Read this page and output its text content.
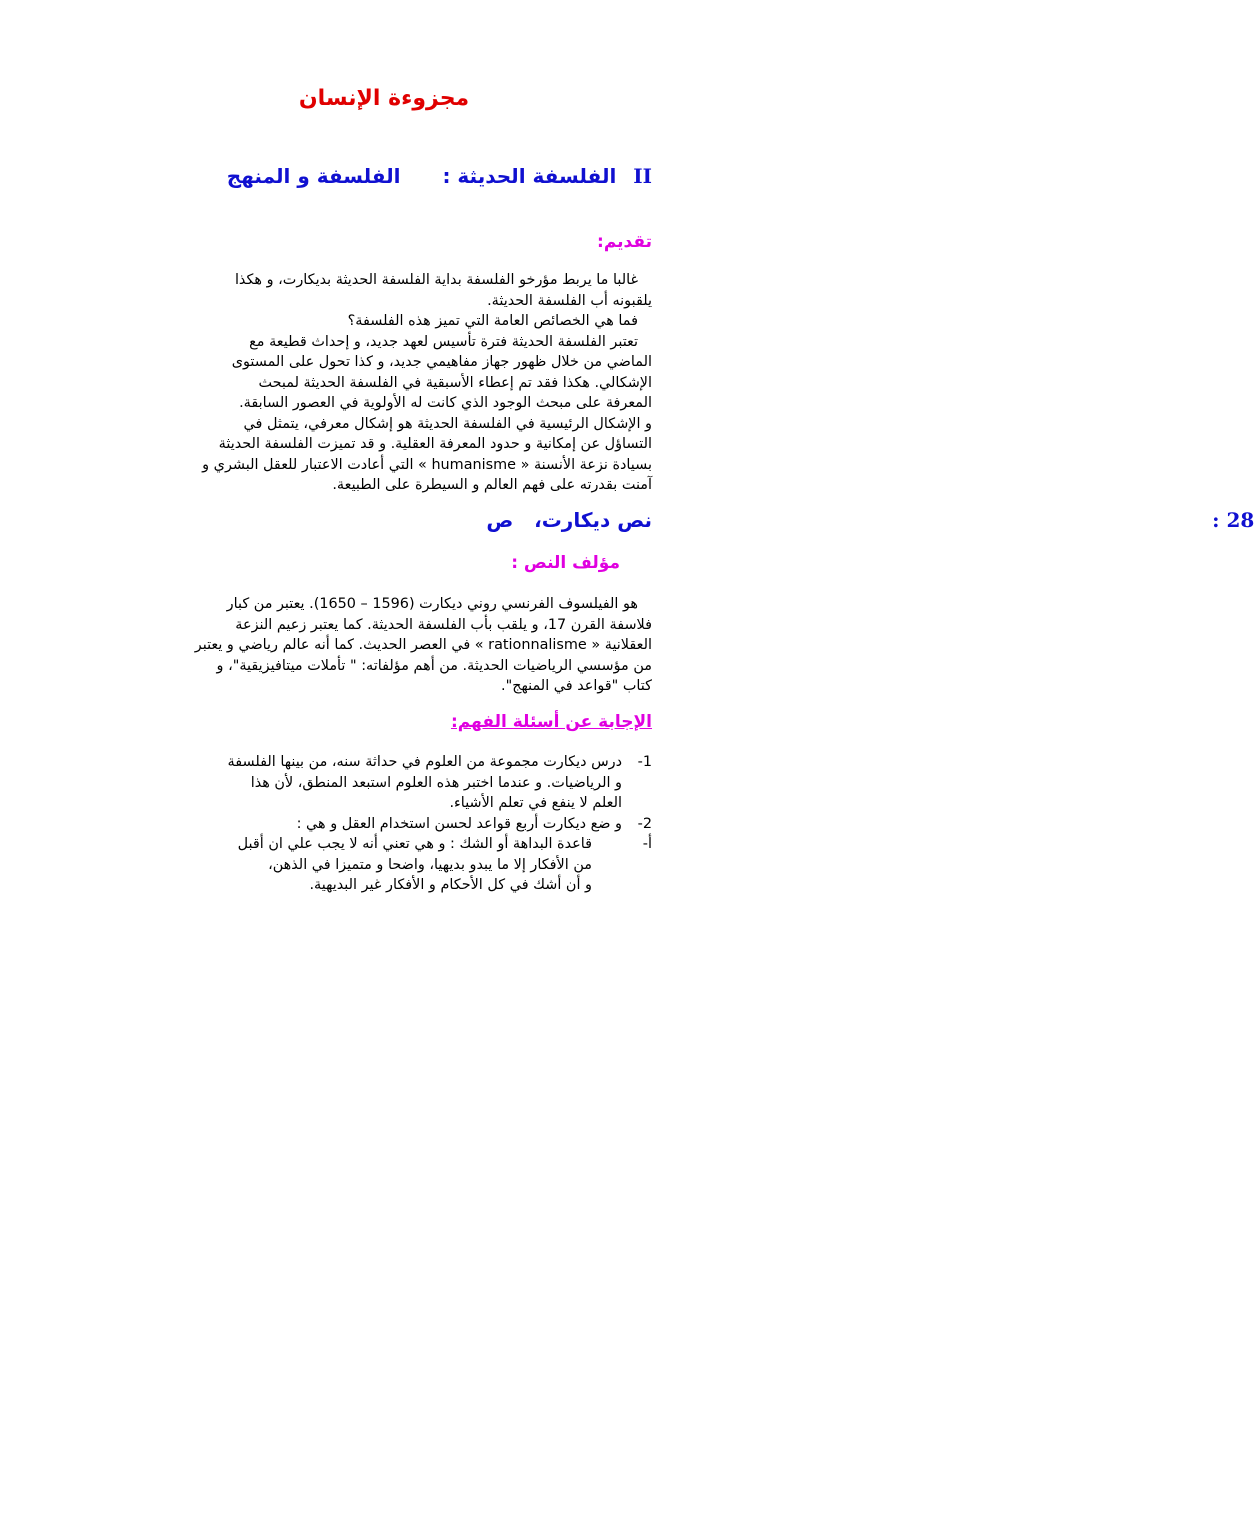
مجزوءة الإنسان
II الفلسفة الحديثة :  الفلسفة و المنهج
تقديم:
غالبا ما يربط مؤرخو الفلسفة بداية الفلسفة الحديثة بديكارت، و هكذا
يلقبونه أب الفلسفة الحديثة.
فما هي الخصائص العامة التي تميز هذه الفلسفة؟
تعتبر الفلسفة الحديثة فترة تأسيس لعهد جديد، و إحداث قطيعة مع
الماضي من خلال ظهور جهاز مفاهيمي جديد، و كذا تحول على المستوى
الإشكالي. هكذا فقد تم إعطاء الأسبقية في الفلسفة الحديثة لمبحث
المعرفة على مبحث الوجود الذي كانت له الأولوية في العصور السابقة.
و الإشكال الرئيسية في الفلسفة الحديثة هو إشكال معرفي، يتمثل في
التساؤل عن إمكانية و حدود المعرفة العقلية. و قد تميزت الفلسفة الحديثة
بسيادة نزعة الأنسنة « humanisme » التي أعادت الاعتبار للعقل البشري و
آمنت بقدرته على فهم العالم و السيطرة على الطبيعة.
نص ديكارت،   ص	28 :
مؤلف النص :
هو الفيلسوف الفرنسي روني ديكارت (1596 – 1650). يعتبر من كبار
فلاسفة القرن 17، و يلقب بأب الفلسفة الحديثة. كما يعتبر زعيم النزعة
العقلانية « rationnalisme » في العصر الحديث. كما أنه عالم رياضي و يعتبر
من مؤسسي الرياضيات الحديثة. من أهم مؤلفاته: " تأملات ميتافيزيقية"، و
كتاب "قواعد في المنهج".
الإجابة عن أسئلة الفهم:
1-درس ديكارت مجموعة من العلوم في حداثة سنه، من بينها الفلسفة
و الرياضيات. و عندما اختبر هذه العلوم استبعد المنطق، لأن هذا
العلم لا ينفع في تعلم الأشياء.
2-و ضع ديكارت أربع قواعد لحسن استخدام العقل و هي :
أ-قاعدة البداهة أو الشك : و هي تعني أنه لا يجب علي ان أقبل
من الأفكار إلا ما يبدو بديهيا، واضحا و متميزا في الذهن،
و أن أشك في كل الأحكام و الأفكار غير البديهية.
